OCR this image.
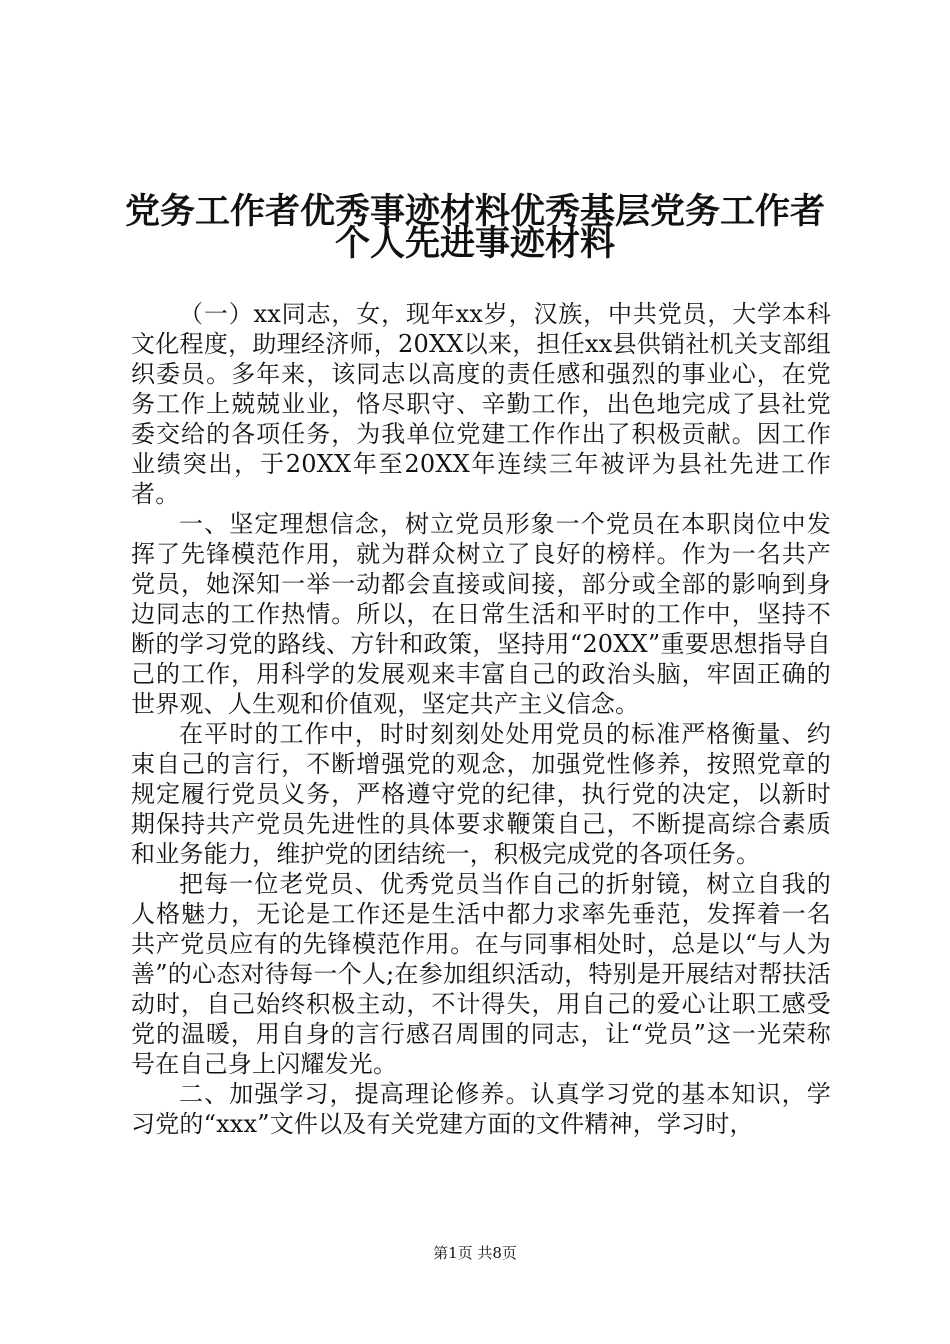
党务工作者优秀事迹材料优秀基层党务工作者
个人先进事迹材料

（一）xx同志，女，现年xx岁，汉族，中共党员，大学本科文化程度，助理经济师，20XX以来，担任xx县供销社机关支部组织委员。多年来，该同志以高度的责任感和强烈的事业心，在党务工作上兢兢业业，恪尽职守、辛勤工作，出色地完成了县社党委交给的各项任务，为我单位党建工作作出了积极贡献。因工作业绩突出，于20XX年至20XX年连续三年被评为县社先进工作者。

一、坚定理想信念，树立党员形象一个党员在本职岗位中发挥了先锋模范作用，就为群众树立了良好的榜样。作为一名共产党员，她深知一举一动都会直接或间接，部分或全部的影响到身边同志的工作热情。所以，在日常生活和平时的工作中，坚持不断的学习党的路线、方针和政策，坚持用“20XX”重要思想指导自己的工作，用科学的发展观来丰富自己的政治头脑，牢固正确的世界观、人生观和价值观，坚定共产主义信念。

在平时的工作中，时时刻刻处处用党员的标准严格衡量、约束自己的言行，不断增强党的观念，加强党性修养，按照党章的规定履行党员义务，严格遵守党的纪律，执行党的决定，以新时期保持共产党员先进性的具体要求鞭策自己，不断提高综合素质和业务能力，维护党的团结统一，积极完成党的各项任务。

把每一位老党员、优秀党员当作自己的折射镜，树立自我的人格魅力，无论是工作还是生活中都力求率先垂范，发挥着一名共产党员应有的先锋模范作用。在与同事相处时，总是以“与人为善”的心态对待每一个人;在参加组织活动，特别是开展结对帮扶活动时，自己始终积极主动，不计得失，用自己的爱心让职工感受党的温暖，用自身的言行感召周围的同志，让“党员”这一光荣称号在自己身上闪耀发光。

二、加强学习，提高理论修养。认真学习党的基本知识，学习党的“xxx”文件以及有关党建方面的文件精神，学习时，

第1页 共8页
